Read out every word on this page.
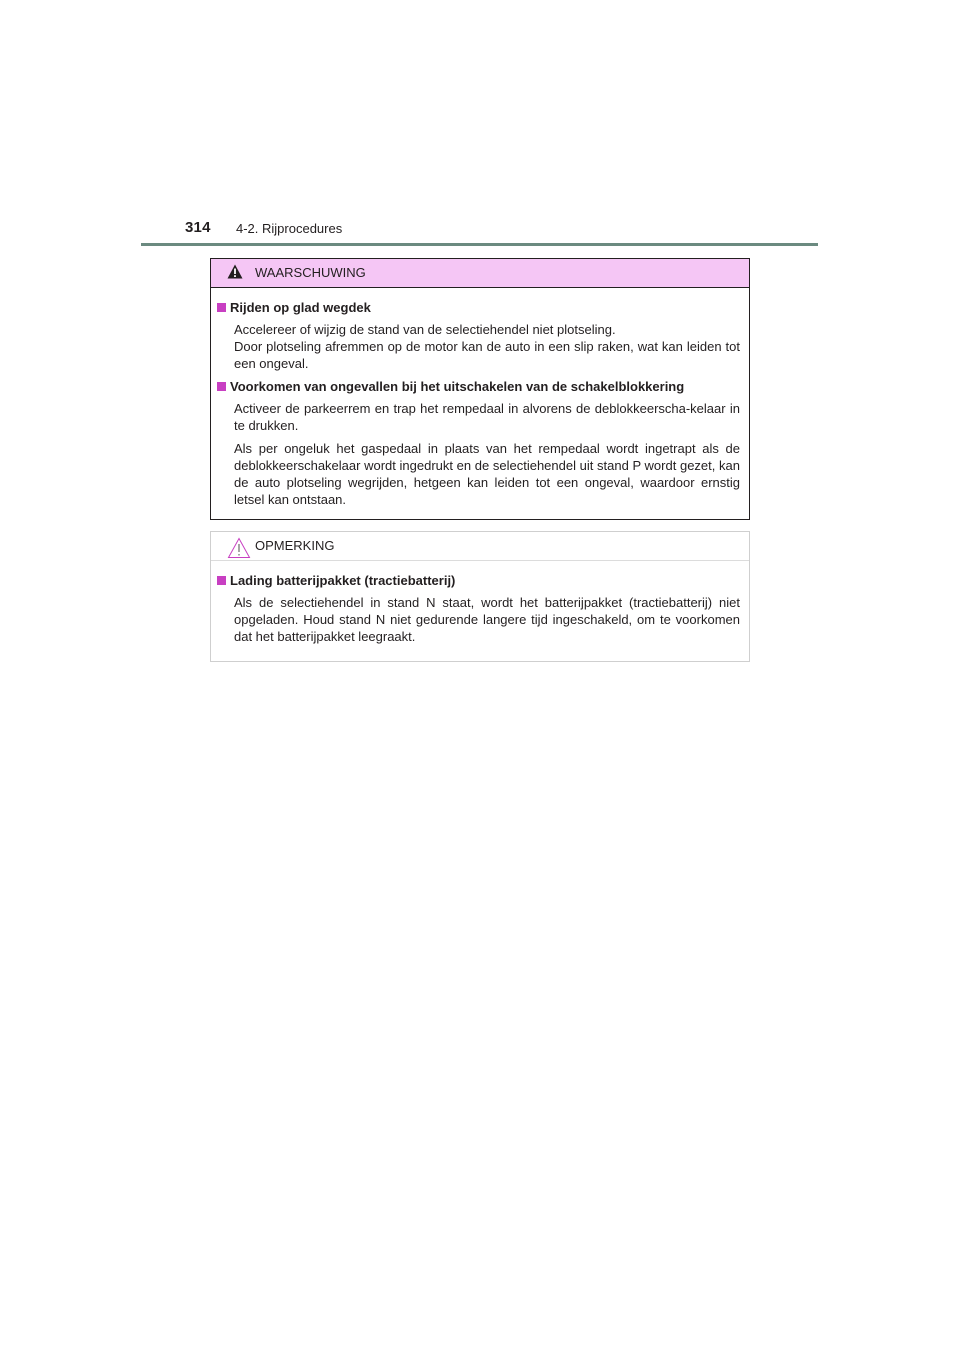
314 4-2. Rijprocedures
WAARSCHUWING
Rijden op glad wegdek

Accelereer of wijzig de stand van de selectiehendel niet plotseling.

Door plotseling afremmen op de motor kan de auto in een slip raken, wat kan leiden tot een ongeval.

Voorkomen van ongevallen bij het uitschakelen van de schakelblokkering

Activeer de parkeerrem en trap het rempedaal in alvorens de deblokkeerscha-kelaar in te drukken.

Als per ongeluk het gaspedaal in plaats van het rempedaal wordt ingetrapt als de deblokkeerschakelaar wordt ingedrukt en de selectiehendel uit stand P wordt gezet, kan de auto plotseling wegrijden, hetgeen kan leiden tot een ongeval, waardoor ernstig letsel kan ontstaan.

OPMERKING
Lading batterijpakket (tractiebatterij)

Als de selectiehendel in stand N staat, wordt het batterijpakket (tractiebatterij) niet opgeladen. Houd stand N niet gedurende langere tijd ingeschakeld, om te voorkomen dat het batterijpakket leegraakt.
